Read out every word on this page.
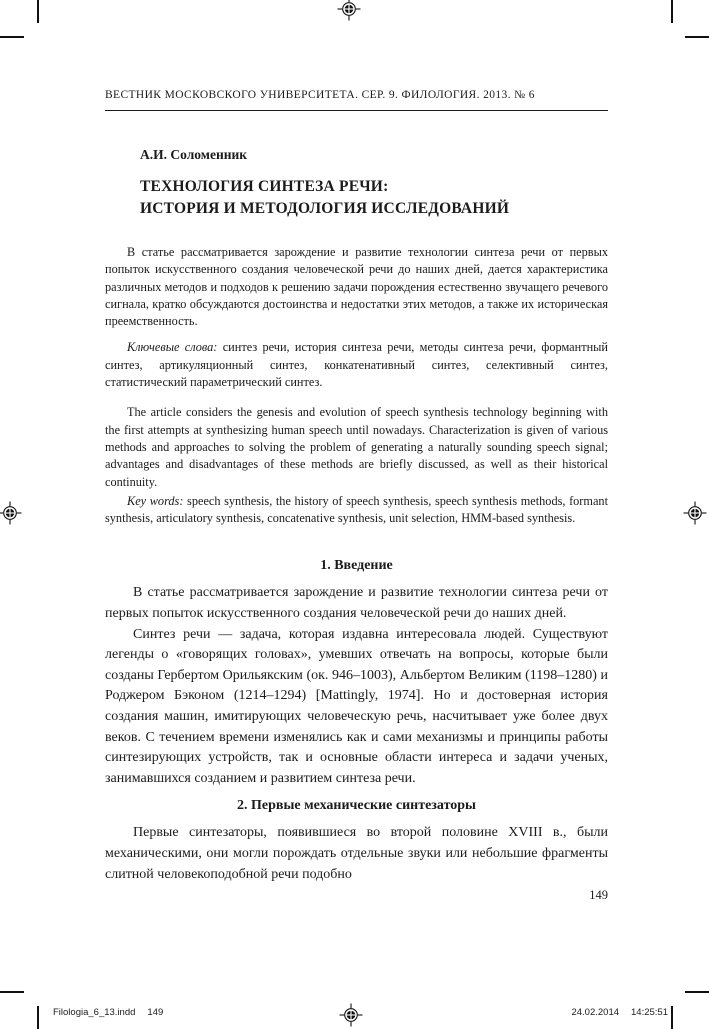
ВЕСТНИК МОСКОВСКОГО УНИВЕРСИТЕТА. СЕР. 9. ФИЛОЛОГИЯ. 2013. № 6
А.И. Соломенник
ТЕХНОЛОГИЯ СИНТЕЗА РЕЧИ:
ИСТОРИЯ И МЕТОДОЛОГИЯ ИССЛЕДОВАНИЙ

В статье рассматривается зарождение и развитие технологии синтеза речи от первых попыток искусственного создания человеческой речи до наших дней, дается характеристика различных методов и подходов к решению задачи порождения естественно звучащего речевого сигнала, кратко обсуждаются достоинства и недостатки этих методов, а также их историческая преемственность.

Ключевые слова: синтез речи, история синтеза речи, методы синтеза речи, формантный синтез, артикуляционный синтез, конкатенативный синтез, селективный синтез, статистический параметрический синтез.

The article considers the genesis and evolution of speech synthesis technology beginning with the first attempts at synthesizing human speech until nowadays. Characterization is given of various methods and approaches to solving the problem of generating a naturally sounding speech signal; advantages and disadvantages of these methods are briefly discussed, as well as their historical continuity.

Key words: speech synthesis, the history of speech synthesis, speech synthesis methods, formant synthesis, articulatory synthesis, concatenative synthesis, unit selection, HMM-based synthesis.

1. Введение

В статье рассматривается зарождение и развитие технологии синтеза речи от первых попыток искусственного создания человеческой речи до наших дней.

Синтез речи — задача, которая издавна интересовала людей. Существуют легенды о «говорящих головах», умевших отвечать на вопросы, которые были созданы Гербертом Орильякским (ок. 946–1003), Альбертом Великим (1198–1280) и Роджером Бэконом (1214–1294) [Mattingly, 1974]. Но и достоверная история создания машин, имитирующих человеческую речь, насчитывает уже более двух веков. С течением времени изменялись как и сами механизмы и принципы работы синтезирующих устройств, так и основные области интереса и задачи ученых, занимавшихся созданием и развитием синтеза речи.

2. Первые механические синтезаторы

Первые синтезаторы, появившиеся во второй половине XVIII в., были механическими, они могли порождать отдельные звуки или небольшие фрагменты слитной человекоподобной речи подобно

149
Filologia_6_13.indd 149	24.02.2014 14:25:51
